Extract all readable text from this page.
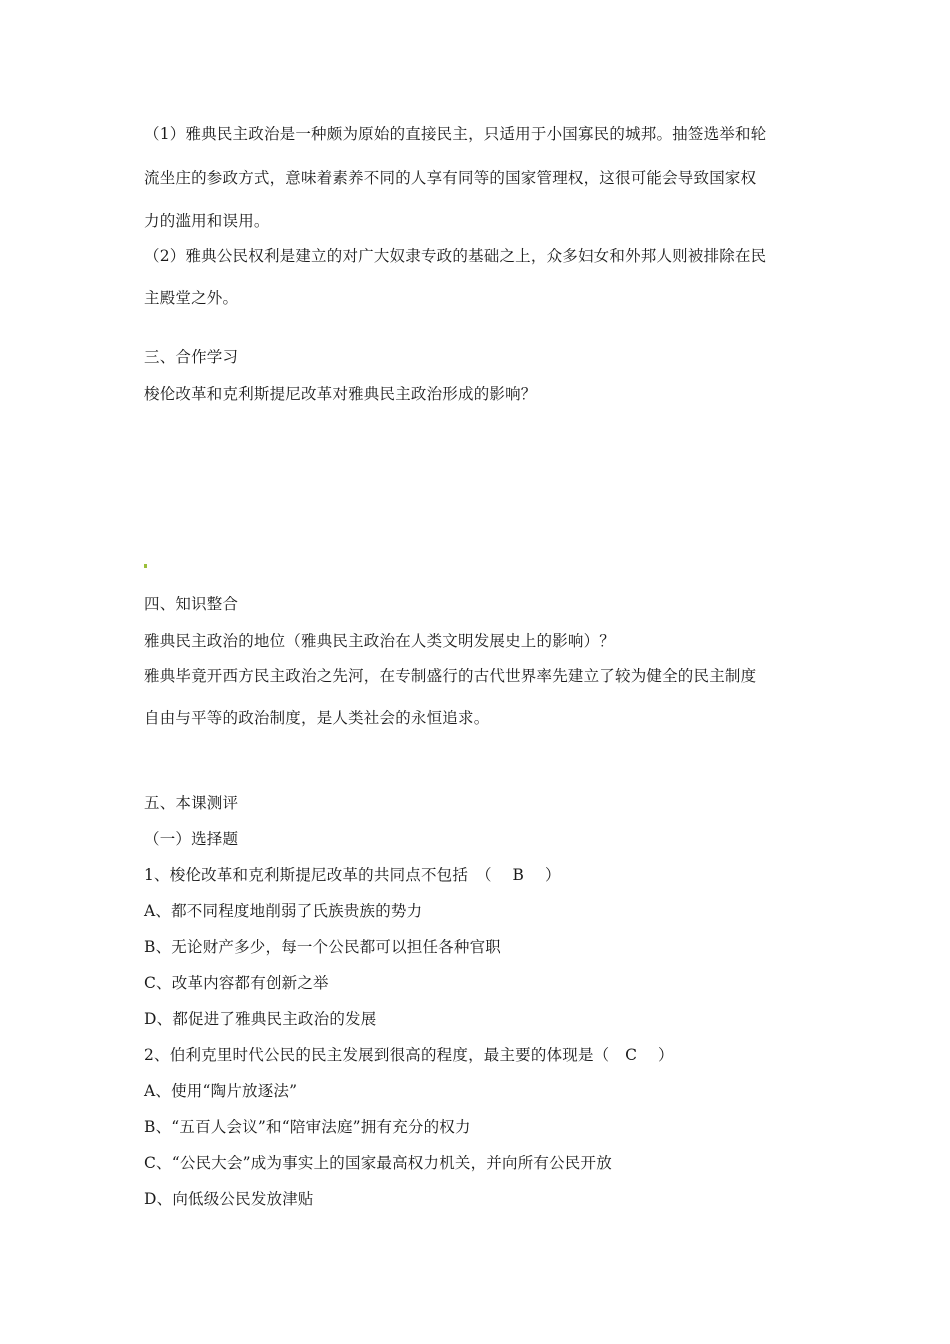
（1）雅典民主政治是一种颇为原始的直接民主，只适用于小国寡民的城邦。抽签选举和轮
流坐庄的参政方式，意味着素养不同的人享有同等的国家管理权，这很可能会导致国家权
力的滥用和误用。
（2）雅典公民权利是建立的对广大奴隶专政的基础之上，众多妇女和外邦人则被排除在民
主殿堂之外。
三、合作学习
梭伦改革和克利斯提尼改革对雅典民主政治形成的影响？
四、知识整合
雅典民主政治的地位（雅典民主政治在人类文明发展史上的影响）？
雅典毕竟开西方民主政治之先河，在专制盛行的古代世界率先建立了较为健全的民主制度
自由与平等的政治制度，是人类社会的永恒追求。
五、本课测评
（一）选择题
1、梭伦改革和克利斯提尼改革的共同点不包括　（　 B　 ）
A、都不同程度地削弱了氏族贵族的势力
B、无论财产多少，每一个公民都可以担任各种官职
C、改革内容都有创新之举
D、都促进了雅典民主政治的发展
2、伯利克里时代公民的民主发展到很高的程度，最主要的体现是（　C　 ）
A、使用“陶片放逐法”
B、“五百人会议”和“陪审法庭”拥有充分的权力
C、“公民大会”成为事实上的国家最高权力机关，并向所有公民开放
D、向低级公民发放津贴
